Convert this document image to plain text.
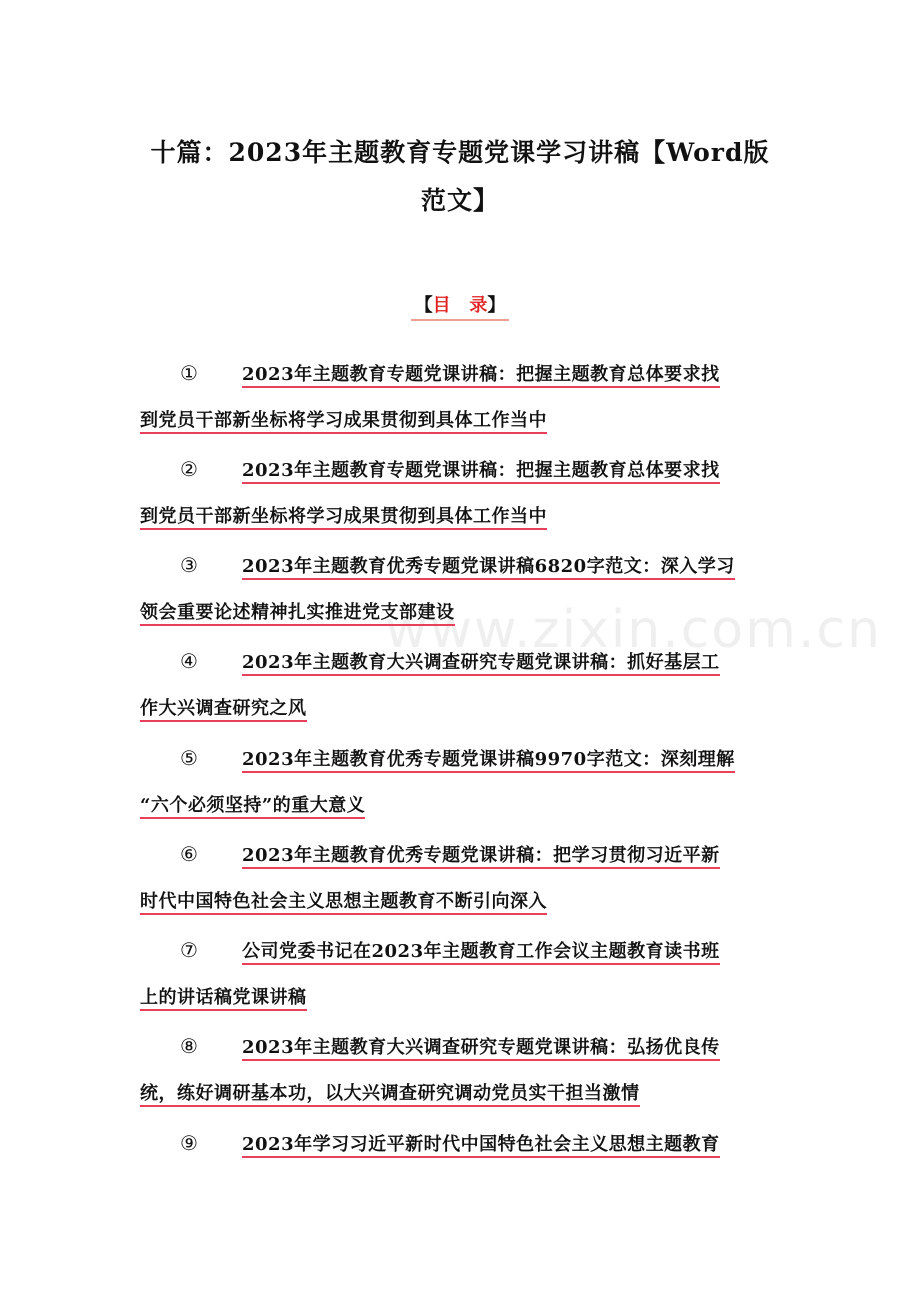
十篇：2023年主题教育专题党课学习讲稿【Word版
范文】
【目   录】
www.zixin.com.cn
① 2023年主题教育专题党课讲稿：把握主题教育总体要求找
到党员干部新坐标将学习成果贯彻到具体工作当中
② 2023年主题教育专题党课讲稿：把握主题教育总体要求找
到党员干部新坐标将学习成果贯彻到具体工作当中
③ 2023年主题教育优秀专题党课讲稿6820字范文：深入学习
领会重要论述精神扎实推进党支部建设
④ 2023年主题教育大兴调查研究专题党课讲稿：抓好基层工
作大兴调查研究之风
⑤ 2023年主题教育优秀专题党课讲稿9970字范文：深刻理解
“六个必须坚持”的重大意义
⑥ 2023年主题教育优秀专题党课讲稿：把学习贯彻习近平新
时代中国特色社会主义思想主题教育不断引向深入
⑦ 公司党委书记在2023年主题教育工作会议主题教育读书班
上的讲话稿党课讲稿
⑧ 2023年主题教育大兴调查研究专题党课讲稿：弘扬优良传
统，练好调研基本功，以大兴调查研究调动党员实干担当激情
⑨ 2023年学习习近平新时代中国特色社会主义思想主题教育
